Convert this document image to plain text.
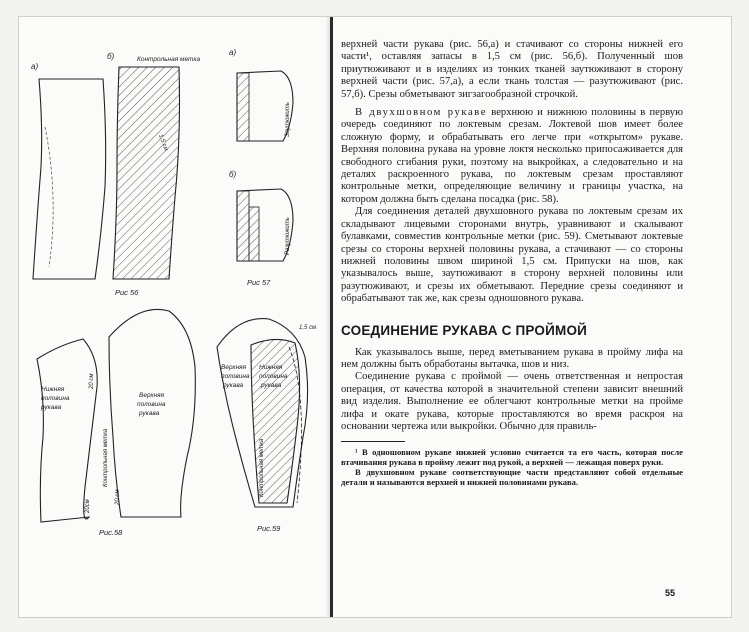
а)
б)	Контрольная метка
1,5 см
Рис 56
а)
Заутюжить
б)
Разутюжить
Рис 57
Нижняя
половина
рукава
Верхняя
половина
рукава
20 см
Контрольная метка
20см
20 см
Рис.58
Верхняя
половина
рукава
Нижняя
половина
рукава
1,5 см
Контрольная метка
Рис.59

верхней части рукава (рис. 56,а) и стачивают со стороны нижней его части¹, оставляя запасы в 1,5 см (рис. 56,б). Полученный шов приутюживают и в изделиях из тонких тканей заутюживают в сторону верхней части (рис. 57,а), а если ткань толстая — разутюживают (рис. 57,б). Срезы обметывают зигзагообразной строчкой.

В двухшовном рукаве верхнюю и нижнюю половины в первую очередь соединяют по локтевым срезам. Локтевой шов имеет более сложную форму, и обрабатывать его легче при «открытом» рукаве. Верхняя половина рукава на уровне локтя несколько припосаживается для свободного сгибания руки, поэтому на выкройках, а следовательно и на деталях раскроенного рукава, по локтевым срезам проставляют контрольные метки, определяющие величину и границы участка, на котором должна быть сделана посадка (рис. 58).

Для соединения деталей двухшовного рукава по локтевым срезам их складывают лицевыми сторонами внутрь, уравнивают и скалывают булавками, совместив контрольные метки (рис. 59). Сметывают локтевые срезы со стороны верхней половины рукава, а стачивают — со стороны нижней половины швом шириной 1,5 см. Припуски на шов, как указывалось выше, заутюживают в сторону верхней половины или разутюживают, и срезы их обметывают. Передние срезы соединяют и обрабатывают так же, как срезы одношовного рукава.

СОЕДИНЕНИЕ РУКАВА С ПРОЙМОЙ

Как указывалось выше, перед вметыванием рукава в пройму лифа на нем должны быть обработаны вытачка, шов и низ.

Соединение рукава с проймой — очень ответственная и непростая операция, от качества которой в значительной степени зависит внешний вид изделия. Выполнение ее облегчают контрольные метки на пройме лифа и окате рукава, которые проставляются во время раскроя на основании чертежа или выкройки. Обычно для правиль-

¹ В одношовном рукаве нижней условно считается та его часть, которая после втачивания рукава в пройму лежит под рукой, а верхней — лежащая поверх руки.

В двухшовном рукаве соответствующие части представляют собой отдельные детали и называются верхней и нижней половинами рукава.

55
